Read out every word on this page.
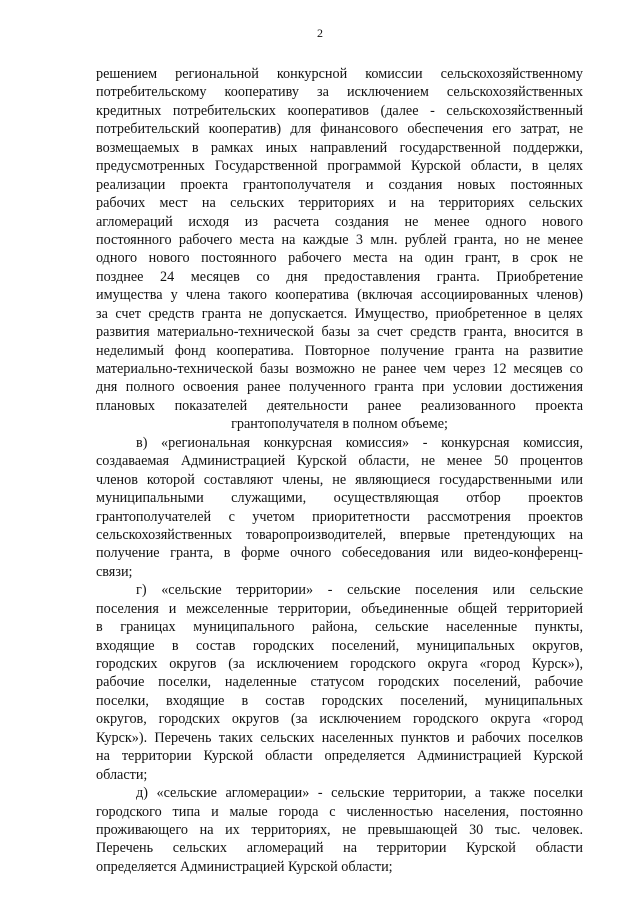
2
решением региональной конкурсной комиссии сельскохозяйственному
потребительскому кооперативу за исключением сельскохозяйственных
кредитных потребительских кооперативов (далее - сельскохозяйственный
потребительский кооператив) для финансового обеспечения его затрат, не
возмещаемых в рамках иных направлений государственной поддержки,
предусмотренных Государственной программой Курской области, в целях
реализации проекта грантополучателя и создания новых постоянных
рабочих мест на сельских территориях и на территориях сельских
агломераций исходя из расчета создания не менее одного нового
постоянного рабочего места на каждые 3 млн. рублей гранта, но не менее
одного нового постоянного рабочего места на один грант, в срок не
позднее 24 месяцев со дня предоставления гранта. Приобретение
имущества у члена такого кооператива (включая ассоциированных членов)
за счет средств гранта не допускается. Имущество, приобретенное в целях
развития материально-технической базы за счет средств гранта, вносится в
неделимый фонд кооператива. Повторное получение гранта на развитие
материально-технической базы возможно не ранее чем через 12 месяцев со
дня полного освоения ранее полученного гранта при условии достижения
плановых показателей деятельности ранее реализованного проекта
грантополучателя в полном объеме;
в) «региональная конкурсная комиссия» - конкурсная комиссия,
создаваемая Администрацией Курской области, не менее 50 процентов
членов которой составляют члены, не являющиеся государственными или
муниципальными служащими, осуществляющая отбор проектов
грантополучателей с учетом приоритетности рассмотрения проектов
сельскохозяйственных товаропроизводителей, впервые претендующих на
получение гранта, в форме очного собеседования или видео-конференц-
связи;
г) «сельские территории» - сельские поселения или сельские
поселения и межселенные территории, объединенные общей территорией
в границах муниципального района, сельские населенные пункты,
входящие в состав городских поселений, муниципальных округов,
городских округов (за исключением городского округа «город Курск»),
рабочие поселки, наделенные статусом городских поселений, рабочие
поселки, входящие в состав городских поселений, муниципальных
округов, городских округов (за исключением городского округа «город
Курск»). Перечень таких сельских населенных пунктов и рабочих поселков
на территории Курской области определяется Администрацией Курской
области;
д) «сельские агломерации» - сельские территории, а также поселки
городского типа и малые города с численностью населения, постоянно
проживающего на их территориях, не превышающей 30 тыс. человек.
Перечень сельских агломераций на территории Курской области
определяется Администрацией Курской области;
